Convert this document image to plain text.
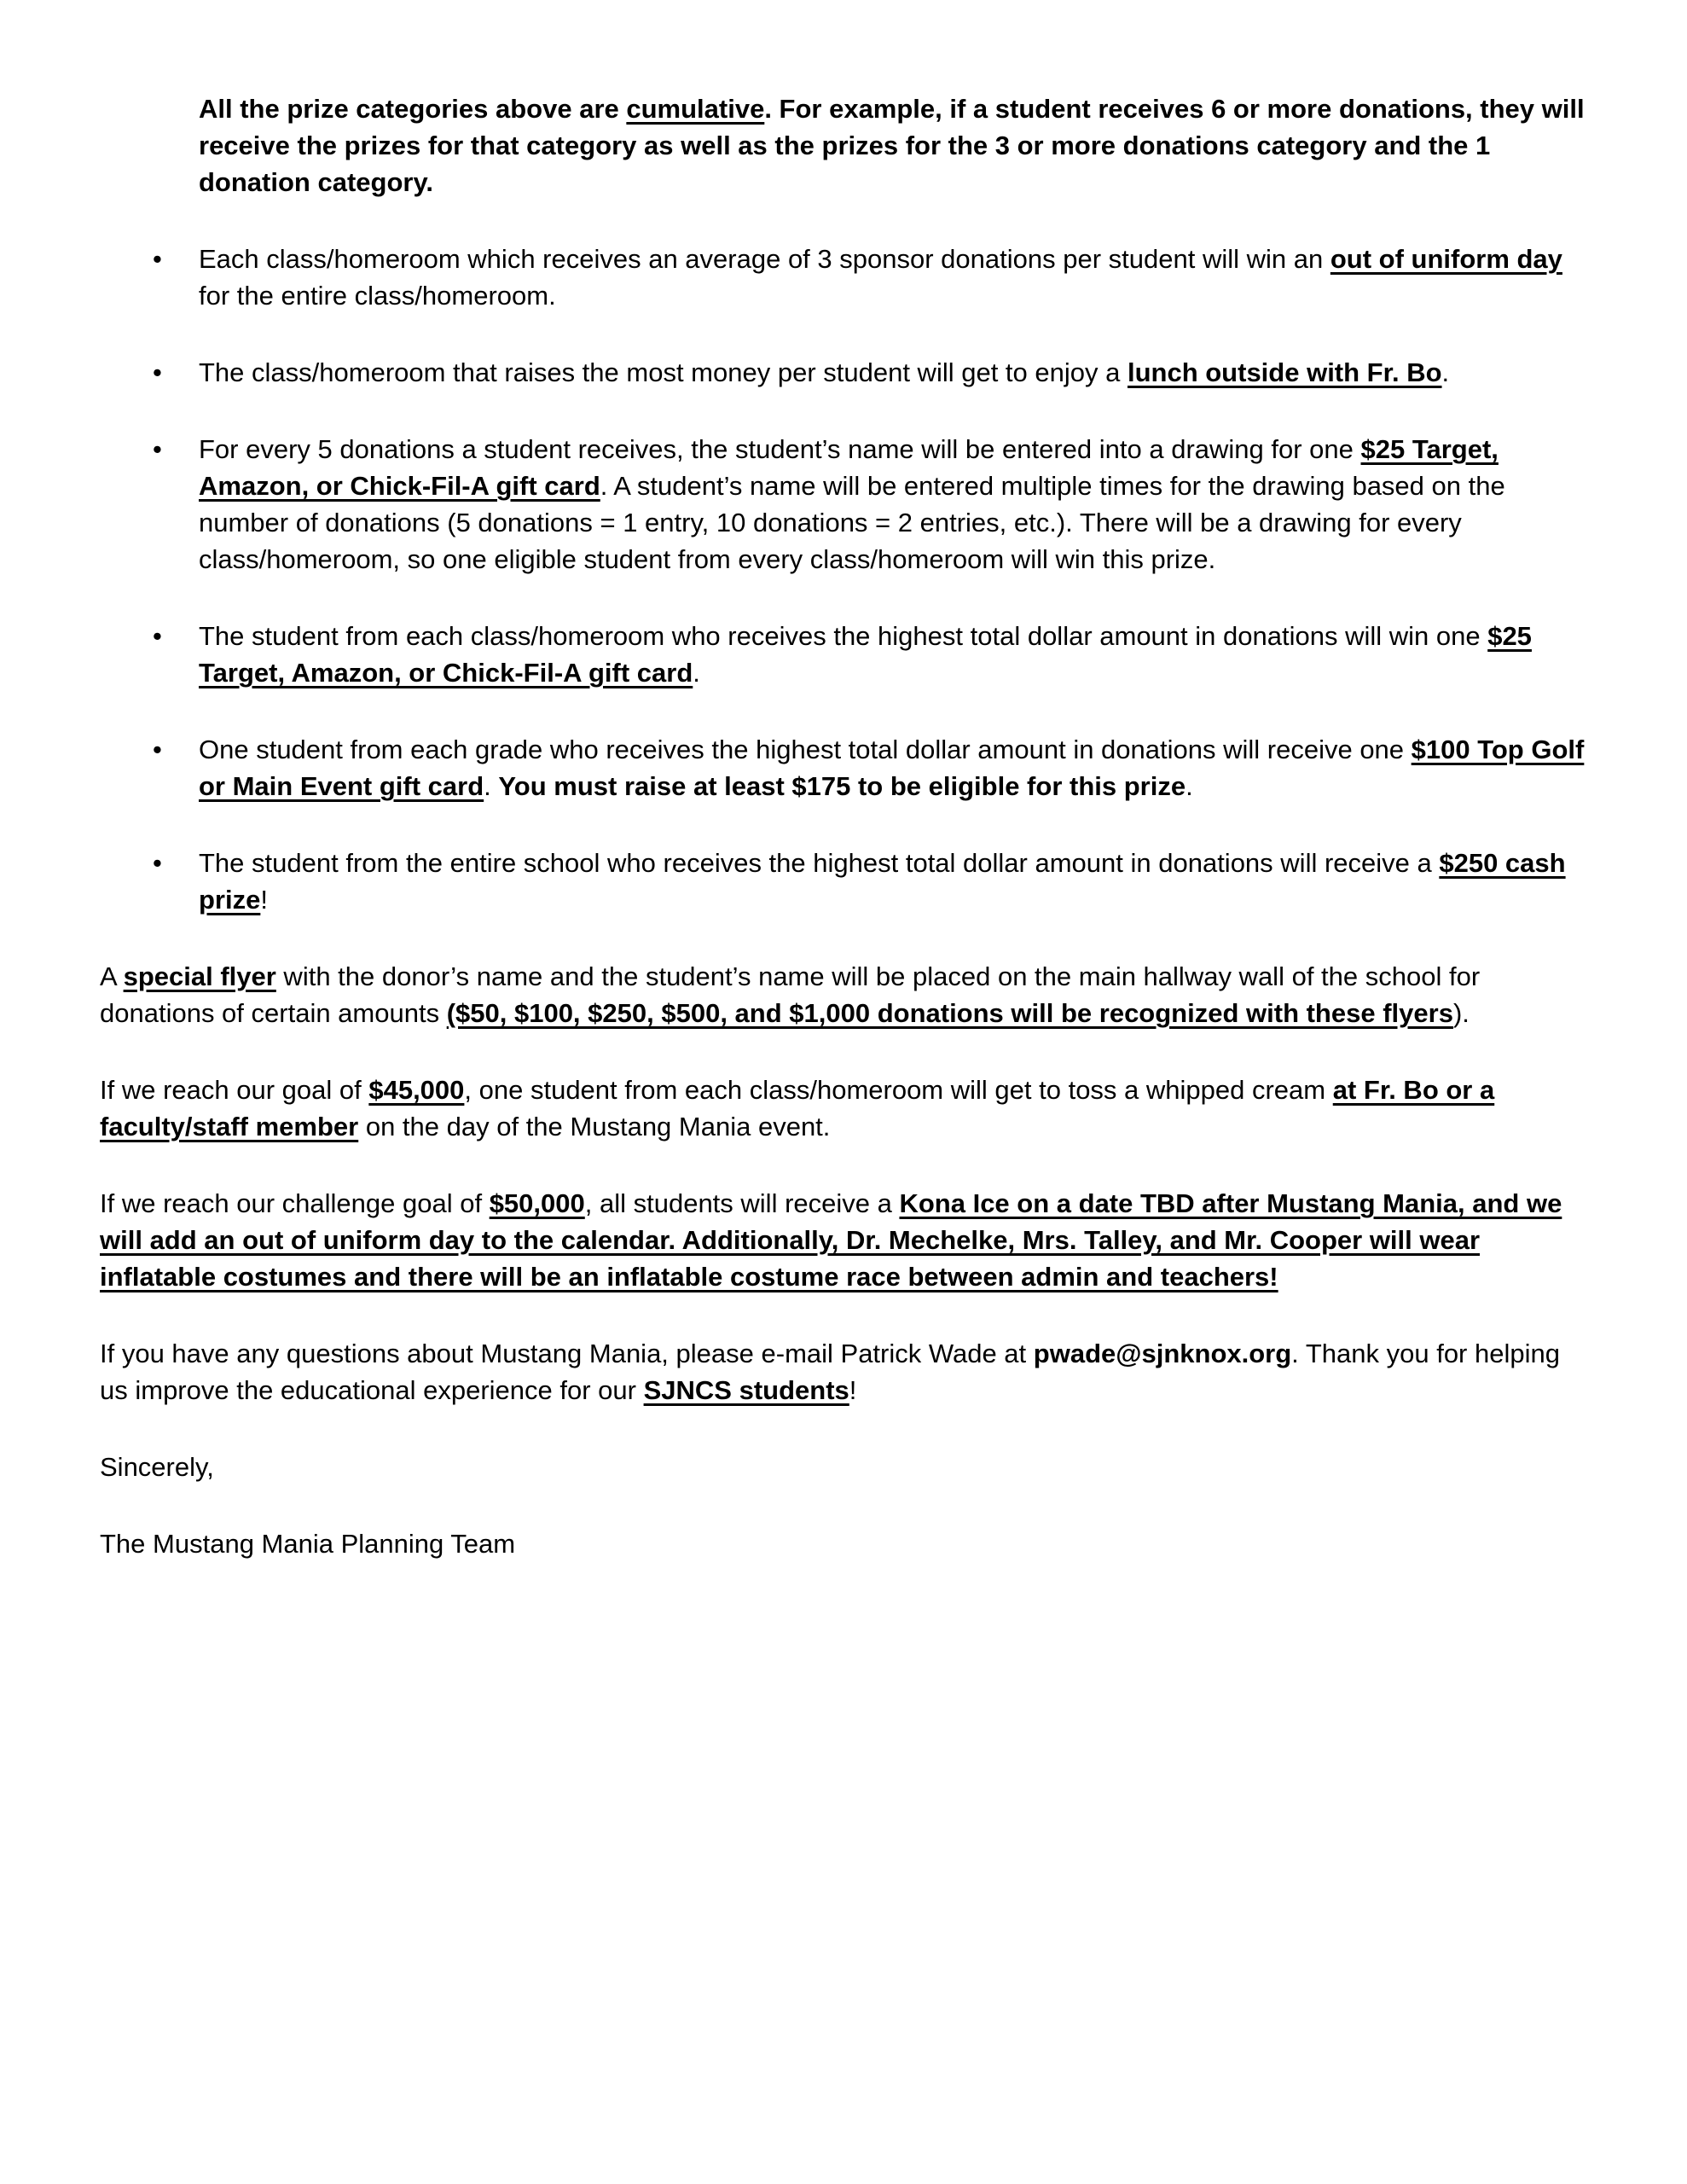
All the prize categories above are cumulative. For example, if a student receives 6 or more donations, they will receive the prizes for that category as well as the prizes for the 3 or more donations category and the 1 donation category.

• Each class/homeroom which receives an average of 3 sponsor donations per student will win an out of uniform day for the entire class/homeroom.
• The class/homeroom that raises the most money per student will get to enjoy a lunch outside with Fr. Bo.
• For every 5 donations a student receives, the student’s name will be entered into a drawing for one $25 Target, Amazon, or Chick-Fil-A gift card. A student’s name will be entered multiple times for the drawing based on the number of donations (5 donations = 1 entry, 10 donations = 2 entries, etc.). There will be a drawing for every class/homeroom, so one eligible student from every class/homeroom will win this prize.
• The student from each class/homeroom who receives the highest total dollar amount in donations will win one $25 Target, Amazon, or Chick-Fil-A gift card.
• One student from each grade who receives the highest total dollar amount in donations will receive one $100 Top Golf or Main Event gift card. You must raise at least $175 to be eligible for this prize.
• The student from the entire school who receives the highest total dollar amount in donations will receive a $250 cash prize!

A special flyer with the donor’s name and the student’s name will be placed on the main hallway wall of the school for donations of certain amounts ($50, $100, $250, $500, and $1,000 donations will be recognized with these flyers).

If we reach our goal of $45,000, one student from each class/homeroom will get to toss a whipped cream at Fr. Bo or a faculty/staff member on the day of the Mustang Mania event.

If we reach our challenge goal of $50,000, all students will receive a Kona Ice on a date TBD after Mustang Mania, and we will add an out of uniform day to the calendar. Additionally, Dr. Mechelke, Mrs. Talley, and Mr. Cooper will wear inflatable costumes and there will be an inflatable costume race between admin and teachers!

If you have any questions about Mustang Mania, please e-mail Patrick Wade at pwade@sjnknox.org. Thank you for helping us improve the educational experience for our SJNCS students!

Sincerely,

The Mustang Mania Planning Team
